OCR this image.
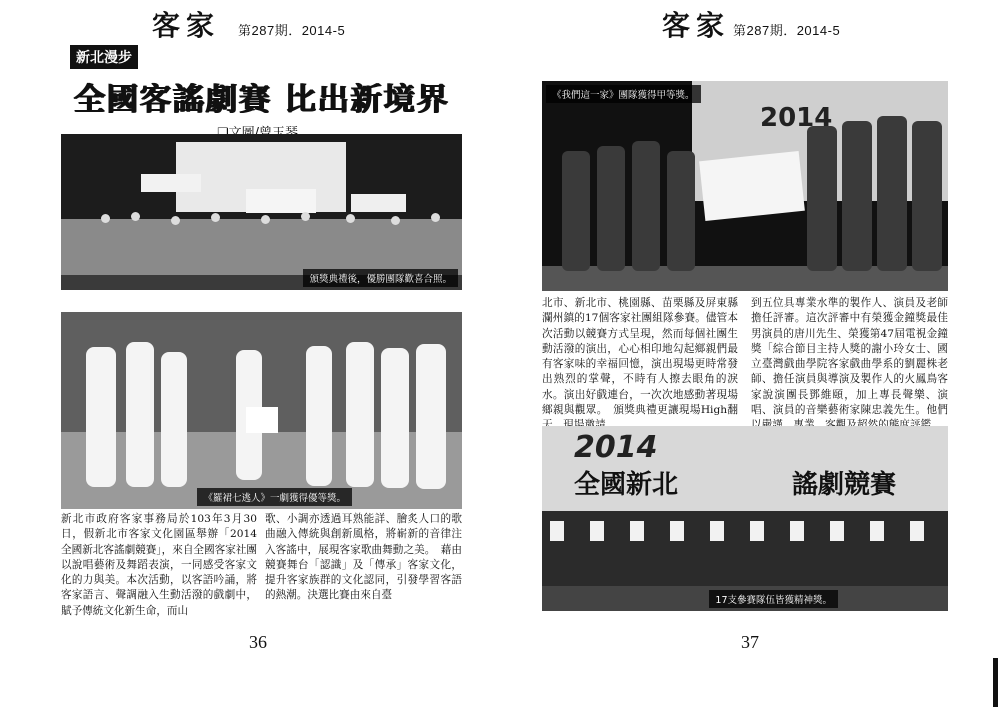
客家 第287期．2014-5
新北漫步
全國客謠劇賽 比出新境界
頒獎典禮後，優勝團隊歡喜合照。
《羅裙七逃人》一劇獲得優等獎。

新北市政府客家事務局於103年3月30日，假新北市客家文化園區舉辦「2014全國新北客謠劇競賽」，來自全國客家社團以說唱藝術及舞蹈表演，一同感受客家文化的力與美。本次活動，以客語吟誦，將客家語言、聲調融入生動活潑的戲劇中，賦予傳統文化新生命，而山

歌、小調亦透過耳熟能詳、膾炙人口的歌曲融入傳統與創新風格，將嶄新的音律注入客謠中，展現客家歌曲舞動之美。　藉由競賽舞台「認識」及「傳承」客家文化，提升客家族群的文化認同，引發學習客語的熱潮。決選比賽由來自臺

36
客家 第287期．2014-5
2014
《我們這一家》團隊獲得甲等獎。

北市、新北市、桃園縣、苗栗縣及屏東縣瀾州鎮的17個客家社團組隊參賽。儘管本次活動以競賽方式呈現，然而每個社團生動活潑的演出，心心相印地勾起鄉親們最有客家味的幸福回憶，演出現場更時常發出熟烈的掌聲，不時有人擦去眼角的淚水。演出好戲連台，一次次地感動著現場鄉親與觀眾。　頒獎典禮更讓現場High翻

到五位具專業水準的製作人、演員及老師擔任評審。這次評審中有榮獲金鐘獎最佳男演員的唐川先生、榮獲第47屆電視金鐘獎「綜合節目主持人獎的謝小玲女士、國立臺灣戲曲學院客家戲曲學系的劉麗株老師、擔任演員與導演及製作人的火鳳鳥客家說演團長鄧維頤，加上專長聲樂、演唱、演員的音樂藝術家陳忠義先生。他們

2014
全國新北	謠劇競賽
17支參賽隊伍皆獲精神獎。
37
